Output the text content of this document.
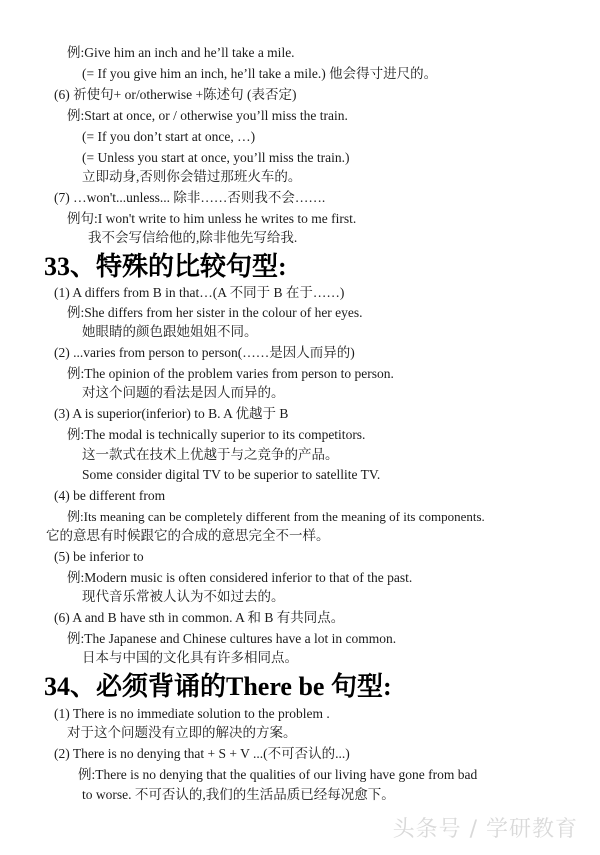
例:Give him an inch and he’ll take a mile.
(= If you give him an inch, he’ll take a mile.) 他会得寸进尺的。
(6) 祈使句+ or/otherwise +陈述句 (表否定)
例:Start at once, or / otherwise you’ll miss the train.
(= If you don’t start at once, …)
(= Unless you start at once, you’ll miss the train.)
立即动身,否则你会错过那班火车的。
(7) …won't...unless... 除非……否则我不会…….
例句:I won't write to him unless he writes to me first.
我不会写信给他的,除非他先写给我.
33、特殊的比较句型:
(1) A differs from B in that…(A 不同于 B 在于……)
例:She differs from her sister in the colour of her eyes.
她眼睛的颜色跟她姐姐不同。
(2) ...varies from person to person(……是因人而异的)
例:The opinion of the problem varies from person to person.
对这个问题的看法是因人而异的。
(3) A is superior(inferior) to B. A 优越于 B
例:The modal is technically superior to its competitors.
这一款式在技术上优越于与之竞争的产品。
Some consider digital TV to be superior to satellite TV.
(4) be different from
例:Its meaning can be completely different from the meaning of its components.
它的意思有时候跟它的合成的意思完全不一样。
(5) be inferior to
例:Modern music is often considered inferior to that of the past.
现代音乐常被人认为不如过去的。
(6) A and B have sth in common. A 和 B 有共同点。
例:The Japanese and Chinese cultures have a lot in common.
日本与中国的文化具有许多相同点。
34、必须背诵的There be 句型:
(1) There is no immediate solution to the problem .
对于这个问题没有立即的解决的方案。
(2) There is no denying that + S + V ...(不可否认的...)
例:There is no denying that the qualities of our living have gone from bad
to worse. 不可否认的,我们的生活品质已经每况愈下。
头条号 / 学研教育
